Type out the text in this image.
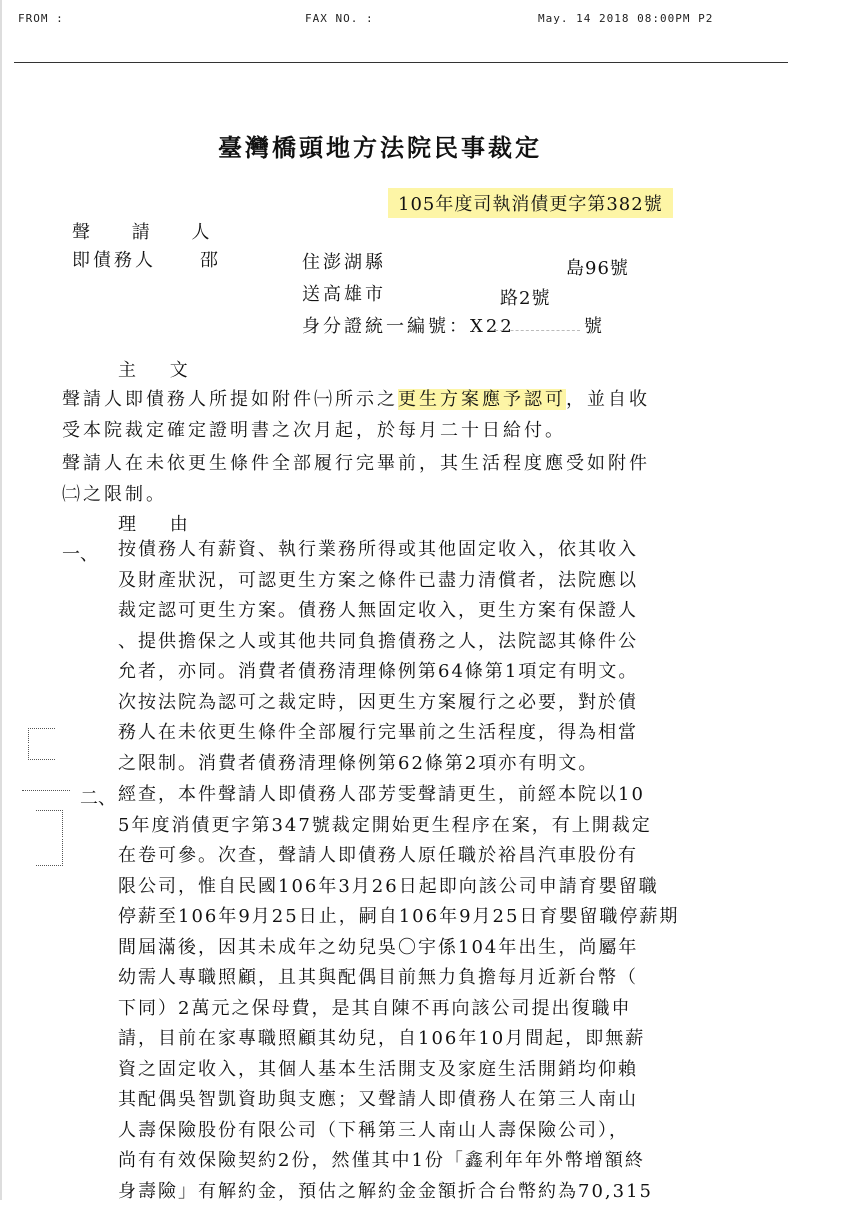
FROM :	FAX NO. :	May. 14 2018 08:00PM P2
臺灣橋頭地方法院民事裁定
105年度司執消債更字第382號
聲 請 人
即債務人 邵	住澎湖縣	島96號
送高雄市	路2號
身分證統一編號：X22	號
主 文
聲請人即債務人所提如附件㈠所示之更生方案應予認可，並自收
受本院裁定確定證明書之次月起，於每月二十日給付。
聲請人在未依更生條件全部履行完畢前，其生活程度應受如附件
㈡之限制。
理 由
一、 按債務人有薪資、執行業務所得或其他固定收入，依其收入
及財產狀況，可認更生方案之條件已盡力清償者，法院應以
裁定認可更生方案。債務人無固定收入，更生方案有保證人
、提供擔保之人或其他共同負擔債務之人，法院認其條件公
允者，亦同。消費者債務清理條例第64條第1項定有明文。
次按法院為認可之裁定時，因更生方案履行之必要，對於債
務人在未依更生條件全部履行完畢前之生活程度，得為相當
之限制。消費者債務清理條例第62條第2項亦有明文。
二、 經查，本件聲請人即債務人邵芳雯聲請更生，前經本院以10
5年度消債更字第347號裁定開始更生程序在案，有上開裁定
在卷可參。次查，聲請人即債務人原任職於裕昌汽車股份有
限公司，惟自民國106年3月26日起即向該公司申請育嬰留職
停薪至106年9月25日止，嗣自106年9月25日育嬰留職停薪期
間屆滿後，因其未成年之幼兒吳〇宇係104年出生，尚屬年
幼需人專職照顧，且其與配偶目前無力負擔每月近新台幣（
下同）2萬元之保母費，是其自陳不再向該公司提出復職申
請，目前在家專職照顧其幼兒，自106年10月間起，即無薪
資之固定收入，其個人基本生活開支及家庭生活開銷均仰賴
其配偶吳智凱資助與支應；又聲請人即債務人在第三人南山
人壽保險股份有限公司（下稱第三人南山人壽保險公司），
尚有有效保險契約2份，然僅其中1份「鑫利年年外幣增額終
身壽險」有解約金，預估之解約金金額折合台幣約為70,315
